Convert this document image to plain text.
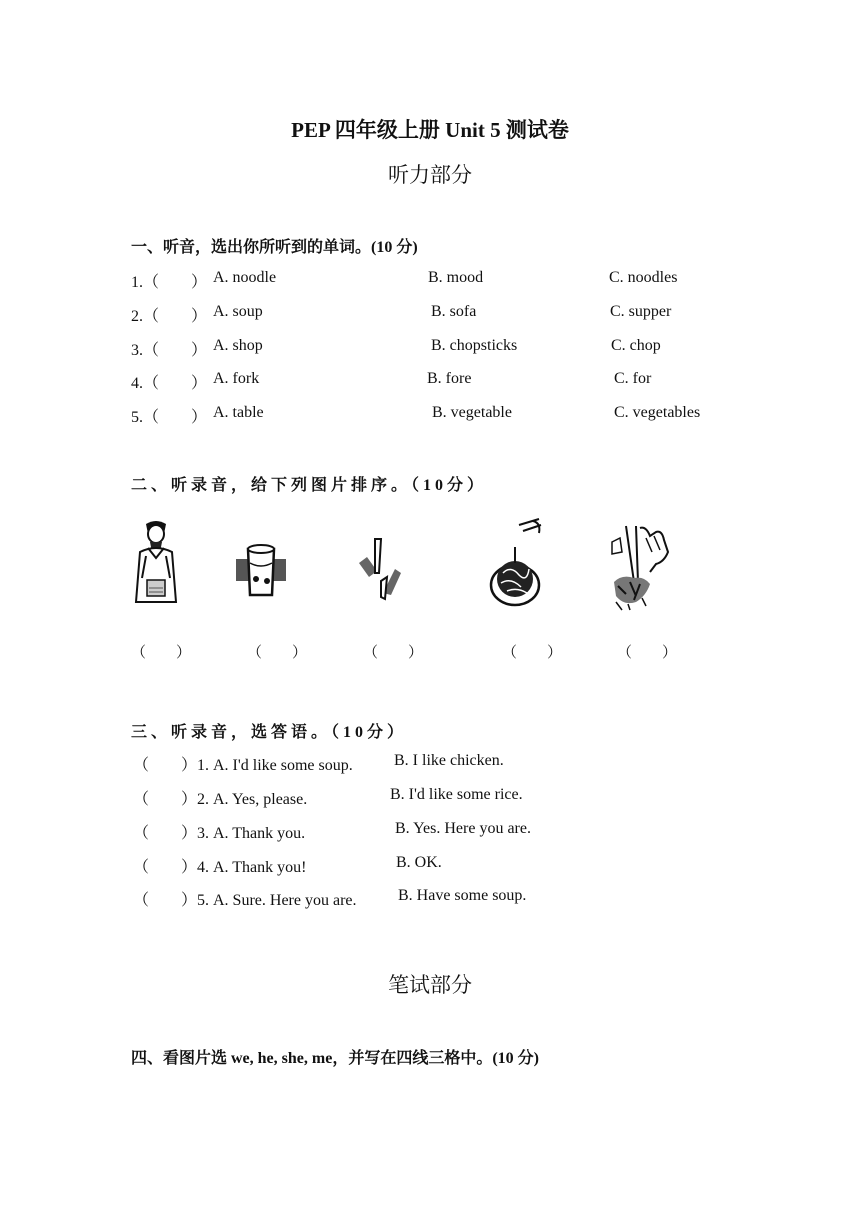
PEP 四年级上册 Unit 5 测试卷
听力部分
一、听音，选出你所听到的单词。(10 分)
1.（　　） A. noodle	B. mood	C. noodles
2.（　　） A. soup	B. sofa	C. supper
3.（　　） A. shop	B. chopsticks	C. chop
4.（　　） A. fork	B. fore	C. for
5.（　　） A. table	B. vegetable	C. vegetables
二、听录音，给下列图片排序。（10分）
（　　）	（　　）	（　　）	（　　）	（　　）
三、听录音，选答语。（10分）
（　　）1. A. I'd like some soup.	B. I like chicken.
（　　）2. A. Yes, please.	B. I'd like some rice.
（　　）3. A. Thank you.	B. Yes. Here you are.
（　　）4. A. Thank you!	B. OK.
（　　）5. A. Sure. Here you are.	B. Have some soup.
笔试部分
四、看图片选 we, he, she, me，并写在四线三格中。(10 分)
